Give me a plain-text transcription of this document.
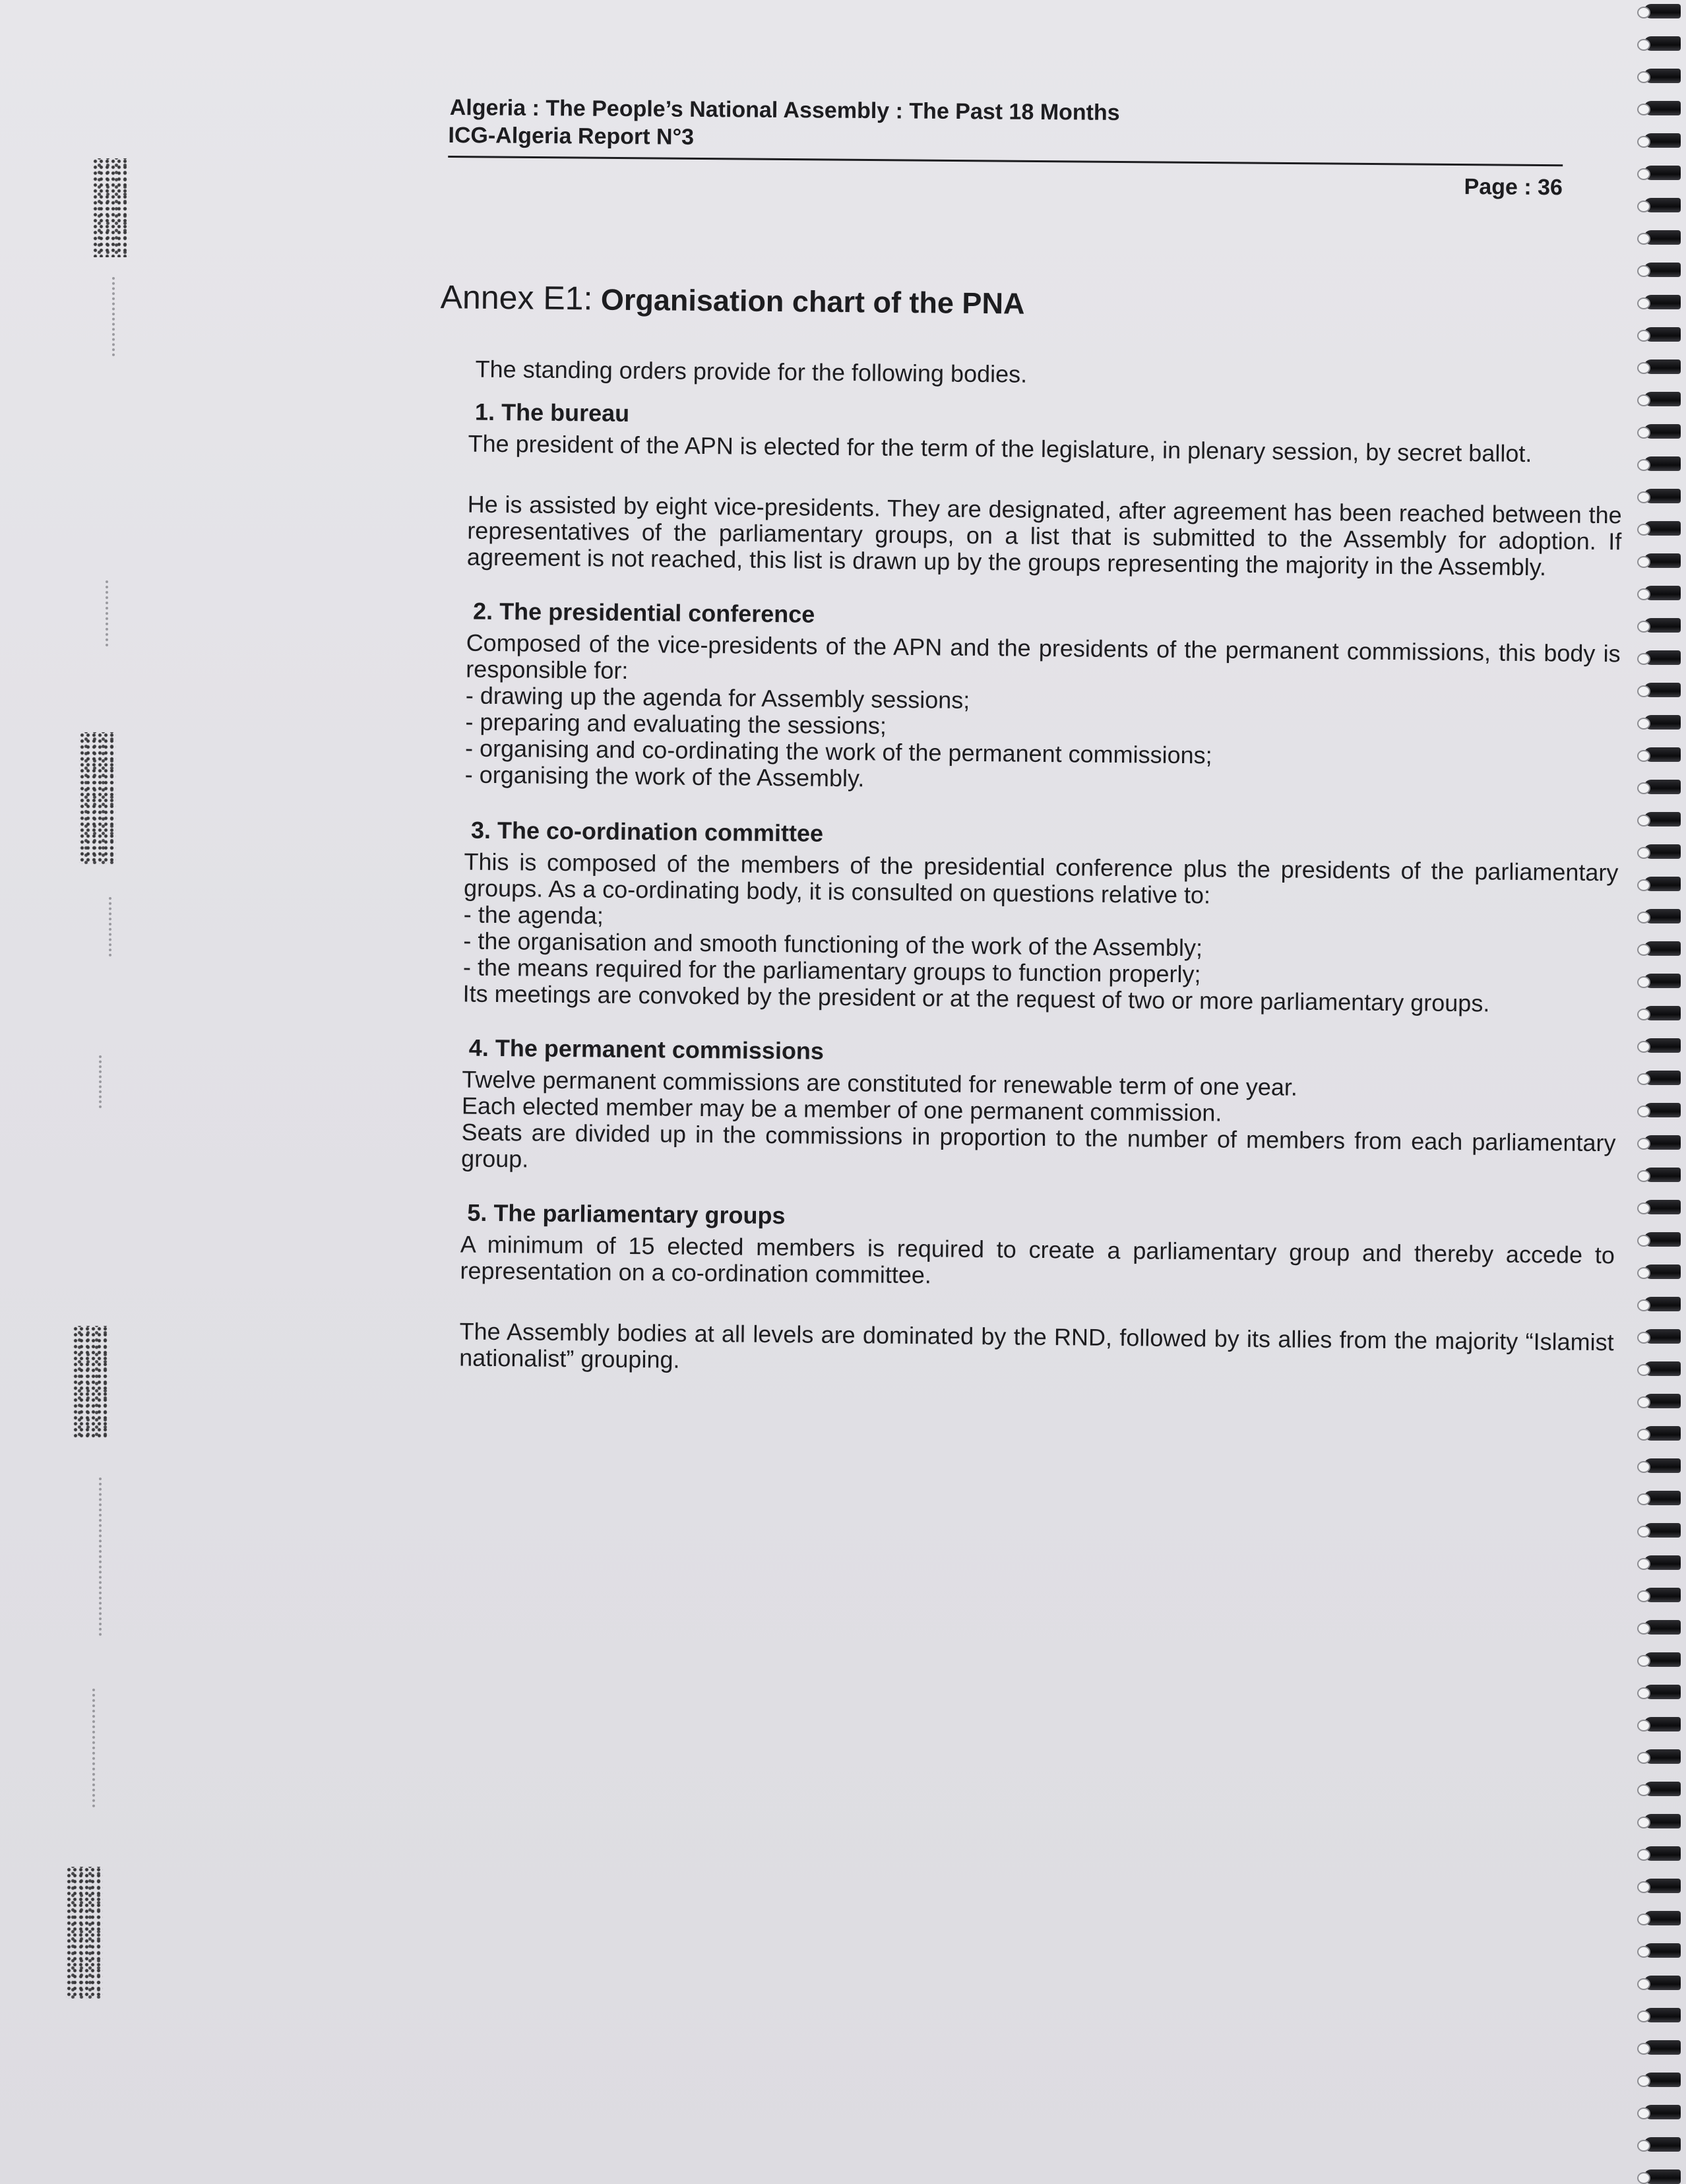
Algeria : The People’s National Assembly : The Past 18 Months
ICG-Algeria Report N°3
Page : 36
Annex E1: Organisation chart of the PNA
The standing orders provide for the following bodies.
1. The bureau
The president of the APN is elected for the term of the legislature, in plenary session, by secret ballot.
He is assisted by eight vice-presidents. They are designated, after agreement has been reached between the representatives of the parliamentary groups, on a list that is submitted to the Assembly for adoption. If agreement is not reached, this list is drawn up by the groups representing the majority in the Assembly.
2. The presidential conference
Composed of the vice-presidents of the APN and the presidents of the permanent commissions, this body is responsible for:
- drawing up the agenda for Assembly sessions;
- preparing and evaluating the sessions;
- organising and co-ordinating the work of the permanent commissions;
- organising the work of the Assembly.
3. The co-ordination committee
This is composed of the members of the presidential conference plus the presidents of the parliamentary groups. As a co-ordinating body, it is consulted on questions relative to:
- the agenda;
- the organisation and smooth functioning of the work of the Assembly;
- the means required for the parliamentary groups to function properly;
Its meetings are convoked by the president or at the request of two or more parliamentary groups.
4. The permanent commissions
Twelve permanent commissions are constituted for renewable term of one year.
Each elected member may be a member of one permanent commission.
Seats are divided up in the commissions in proportion to the number of members from each parliamentary group.
5. The parliamentary groups
A minimum of 15 elected members is required to create a parliamentary group and thereby accede to representation on a co-ordination committee.
The Assembly bodies at all levels are dominated by the RND, followed by its allies from the majority “Islamist nationalist” grouping.
